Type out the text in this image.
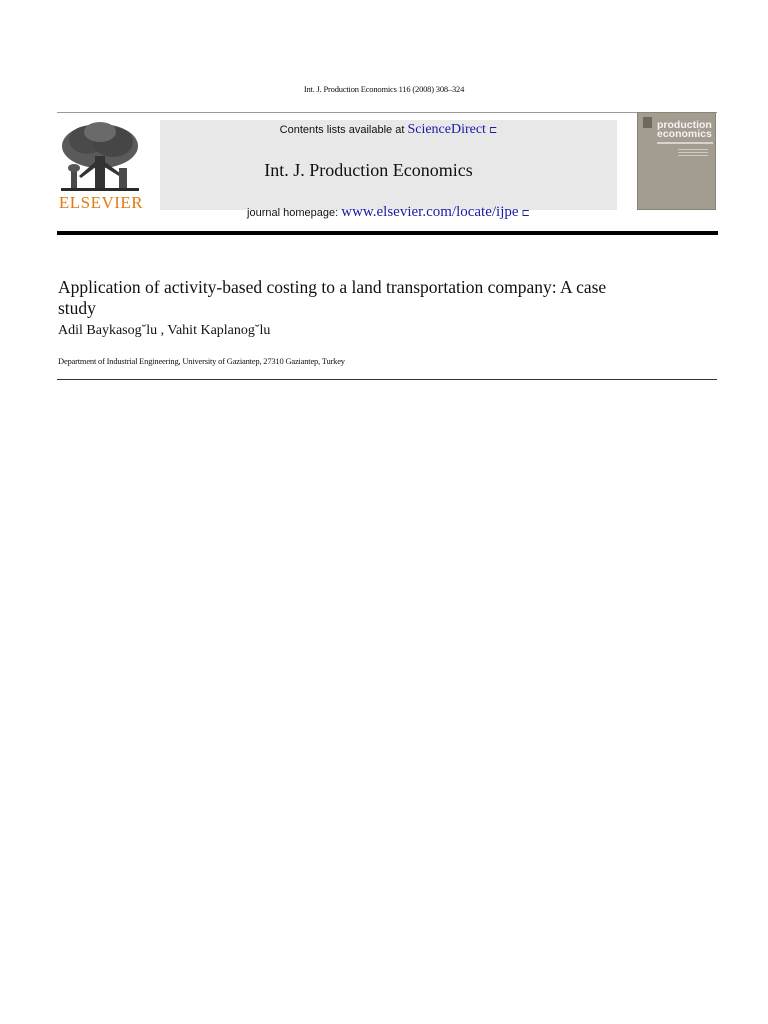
Int. J. Production Economics 116 (2008) 308–324
ELSEVIER
Contents lists available at ScienceDirect ⊏
Int. J. Production Economics
journal homepage: www.elsevier.com/locate/ijpe ⊏
production economics
Application of activity-based costing to a land transportation company: A case study
Adil Baykasog˘lu , Vahit Kaplanog˘lu
Department of Industrial Engineering, University of Gaziantep, 27310 Gaziantep, Turkey
